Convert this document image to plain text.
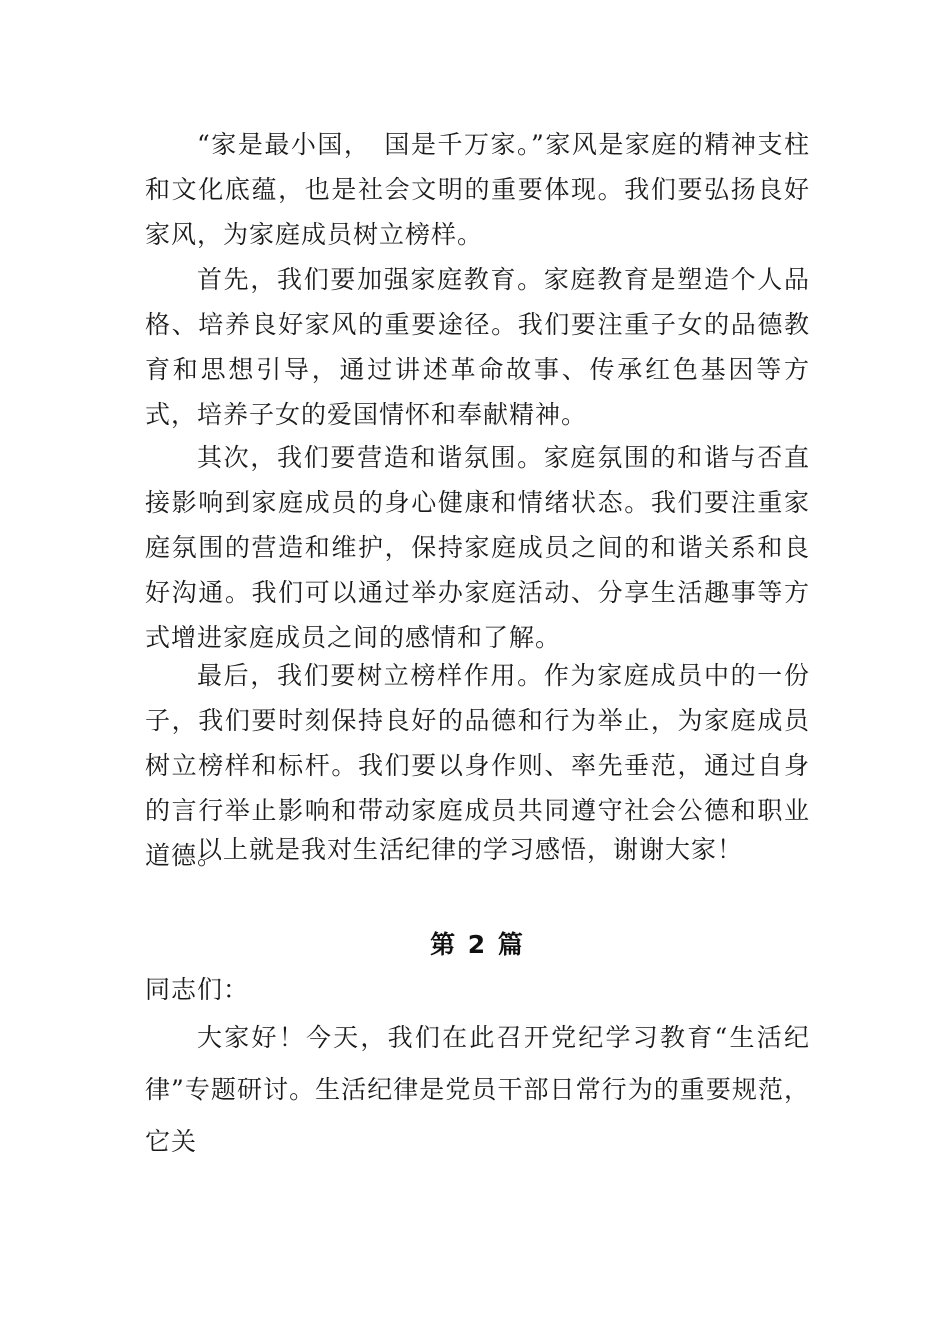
“家是最小国，　国是千万家。”家风是家庭的精神支柱和文化底蕴，也是社会文明的重要体现。我们要弘扬良好家风，为家庭成员树立榜样。

首先，我们要加强家庭教育。家庭教育是塑造个人品格、培养良好家风的重要途径。我们要注重子女的品德教育和思想引导，通过讲述革命故事、传承红色基因等方式，培养子女的爱国情怀和奉献精神。

其次，我们要营造和谐氛围。家庭氛围的和谐与否直接影响到家庭成员的身心健康和情绪状态。我们要注重家庭氛围的营造和维护，保持家庭成员之间的和谐关系和良好沟通。我们可以通过举办家庭活动、分享生活趣事等方式增进家庭成员之间的感情和了解。

最后，我们要树立榜样作用。作为家庭成员中的一份子，我们要时刻保持良好的品德和行为举止，为家庭成员树立榜样和标杆。我们要以身作则、率先垂范，通过自身的言行举止影响和带动家庭成员共同遵守社会公德和职业道德。

以上就是我对生活纪律的学习感悟，谢谢大家！

第 2 篇

同志们：

大家好！今天，我们在此召开党纪学习教育“生活纪律”专题研讨。生活纪律是党员干部日常行为的重要规范，它关
